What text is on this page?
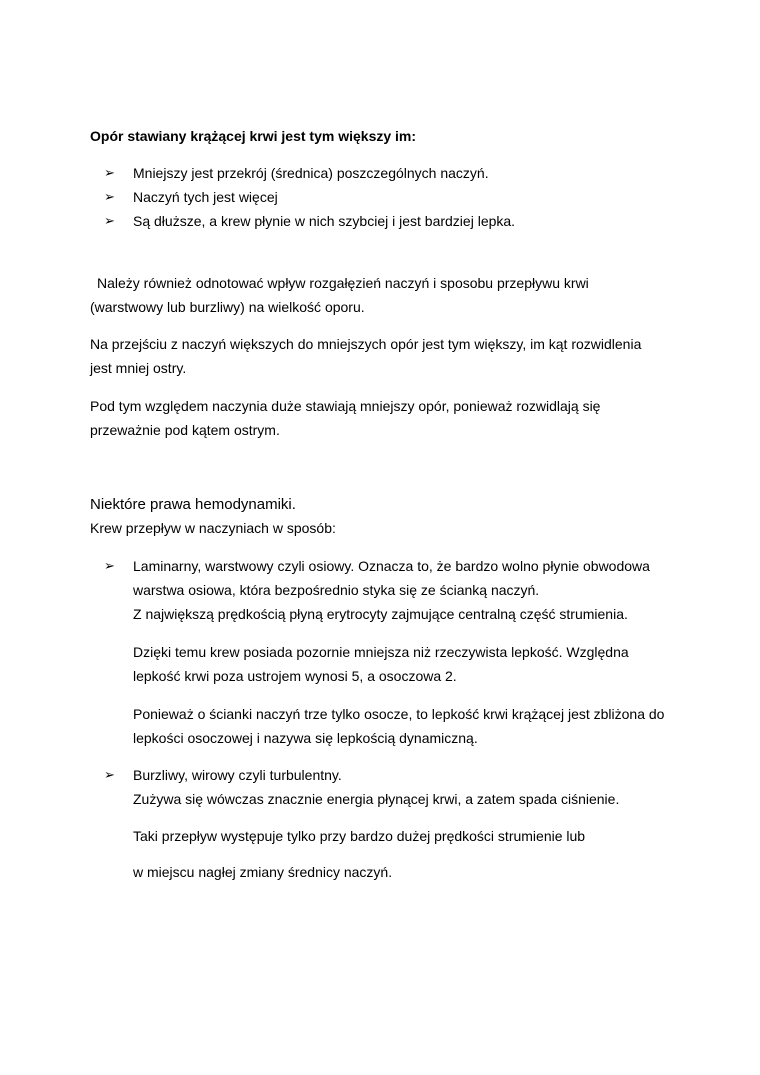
Opór stawiany krążącej krwi jest tym większy im:
➢ Mniejszy jest przekrój (średnica) poszczególnych naczyń.
➢ Naczyń tych jest więcej
➢ Są dłuższe, a krew płynie w nich szybciej i jest bardziej lepka.
Należy również odnotować wpływ rozgałęzień naczyń i sposobu przepływu krwi
(warstwowy lub burzliwy) na wielkość oporu.
Na przejściu z naczyń większych do mniejszych opór jest tym większy, im kąt rozwidlenia
jest mniej ostry.
Pod tym względem naczynia duże stawiają mniejszy opór, ponieważ rozwidlają się
przeważnie pod kątem ostrym.
Niektóre prawa hemodynamiki.
Krew przepływ w naczyniach w sposób:
➢ Laminarny, warstwowy czyli osiowy. Oznacza to, że bardzo wolno płynie obwodowa
warstwa osiowa, która bezpośrednio styka się ze ścianką naczyń.
Z największą prędkością płyną erytrocyty zajmujące centralną część strumienia.
Dzięki temu krew posiada pozornie mniejsza niż rzeczywista lepkość. Względna
lepkość krwi poza ustrojem wynosi 5, a osoczowa 2.
Ponieważ o ścianki naczyń trze tylko osocze, to lepkość krwi krążącej jest zbliżona do
lepkości osoczowej i nazywa się lepkością dynamiczną.
➢ Burzliwy, wirowy czyli turbulentny.
Zużywa się wówczas znacznie energia płynącej krwi, a zatem spada ciśnienie.
Taki przepływ występuje tylko przy bardzo dużej prędkości strumienie lub
w miejscu nagłej zmiany średnicy naczyń.
